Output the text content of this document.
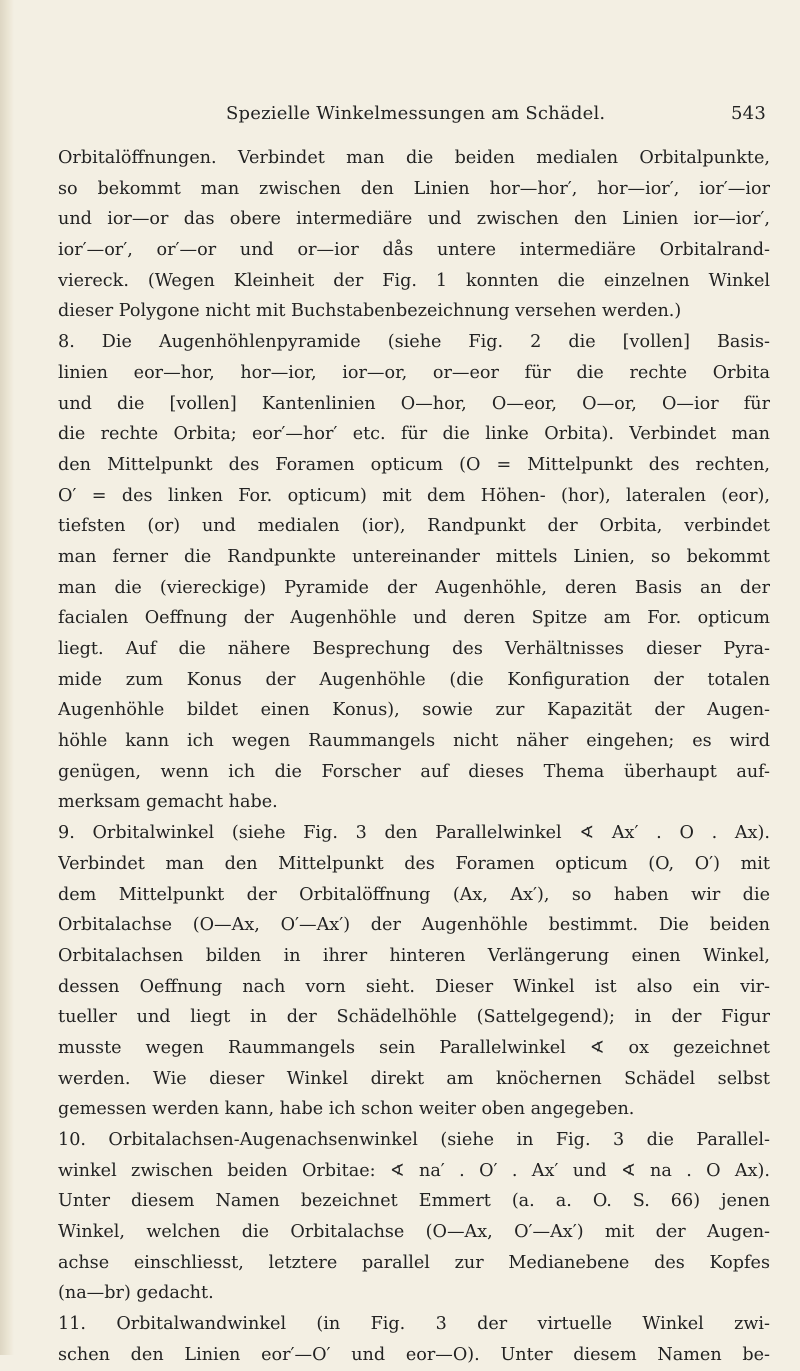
Spezielle Winkelmessungen am Schädel.	543
Orbitalöffnungen. Verbindet man die beiden medialen Orbitalpunkte,
so bekommt man zwischen den Linien hor—hor′, hor—ior′, ior′—ior
und ior—or das obere intermediäre und zwischen den Linien ior—ior′,
ior′—or′, or′—or und or—ior dås untere intermediäre Orbitalrand-
viereck. (Wegen Kleinheit der Fig. 1 konnten die einzelnen Winkel
dieser Polygone nicht mit Buchstabenbezeichnung versehen werden.)
8. Die Augenhöhlenpyramide (siehe Fig. 2 die [vollen] Basis-
linien eor—hor, hor—ior, ior—or, or—eor für die rechte Orbita
und die [vollen] Kantenlinien O—hor, O—eor, O—or, O—ior für
die rechte Orbita; eor′—hor′ etc. für die linke Orbita). Verbindet man
den Mittelpunkt des Foramen opticum (O = Mittelpunkt des rechten,
O′ = des linken For. opticum) mit dem Höhen- (hor), lateralen (eor),
tiefsten (or) und medialen (ior), Randpunkt der Orbita, verbindet
man ferner die Randpunkte untereinander mittels Linien, so bekommt
man die (viereckige) Pyramide der Augenhöhle, deren Basis an der
facialen Oeffnung der Augenhöhle und deren Spitze am For. opticum
liegt. Auf die nähere Besprechung des Verhältnisses dieser Pyra-
mide zum Konus der Augenhöhle (die Konfiguration der totalen
Augenhöhle bildet einen Konus), sowie zur Kapazität der Augen-
höhle kann ich wegen Raummangels nicht näher eingehen; es wird
genügen, wenn ich die Forscher auf dieses Thema überhaupt auf-
merksam gemacht habe.
9. Orbitalwinkel (siehe Fig. 3 den Parallelwinkel ∢ Ax′ . O . Ax).
Verbindet man den Mittelpunkt des Foramen opticum (O, O′) mit
dem Mittelpunkt der Orbitalöffnung (Ax, Ax′), so haben wir die
Orbitalachse (O—Ax, O′—Ax′) der Augenhöhle bestimmt. Die beiden
Orbitalachsen bilden in ihrer hinteren Verlängerung einen Winkel,
dessen Oeffnung nach vorn sieht. Dieser Winkel ist also ein vir-
tueller und liegt in der Schädelhöhle (Sattelgegend); in der Figur
musste wegen Raummangels sein Parallelwinkel ∢ ox gezeichnet
werden. Wie dieser Winkel direkt am knöchernen Schädel selbst
gemessen werden kann, habe ich schon weiter oben angegeben.
10. Orbitalachsen-Augenachsenwinkel (siehe in Fig. 3 die Parallel-
winkel zwischen beiden Orbitae: ∢ na′ . O′ . Ax′ und ∢ na . O Ax).
Unter diesem Namen bezeichnet Emmert (a. a. O. S. 66) jenen
Winkel, welchen die Orbitalachse (O—Ax, O′—Ax′) mit der Augen-
achse einschliesst, letztere parallel zur Medianebene des Kopfes
(na—br) gedacht.
11. Orbitalwandwinkel (in Fig. 3 der virtuelle Winkel zwi-
schen den Linien eor′—O′ und eor—O). Unter diesem Namen be-
